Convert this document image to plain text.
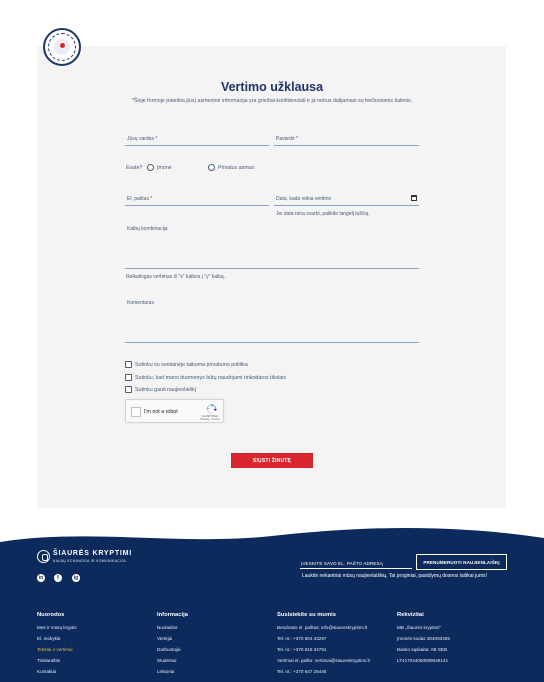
Vertimo užklausa
*Šioje formoje pateikta jūsų asmeninė informacija yra griežtai konfidenciali ir ja nebus dalijamasi su trečiosiomis šalimis.
Jūsų vardas *	Pavardė *
Esate?	Įmonė	Privatus asmuo
El. paštas *	Data, kada reikia vertimo
Jei data nėra svarbi, palikite langelį tuščią.
Kalbų kombinacija
Reikalingas vertimas iš "x" kalbos į "y" kalbą.
Komentaras
Sutinku su svetainėje taikoma privatumo politika
Sutinku, kad mano duomenys būtų naudojami rinkodaros tikslais
Sutinku gauti naujienlaiškį
I'm not a robot
reCAPTCHA
Privacy - Terms
SIŲSTI ŽINUTĘ
ŠIAURĖS KRYPTIMI
KALBŲ ECHANOGA IR KOMUNIKACIJA
in	f	ig
ĮVESKITE SAVO EL. PAŠTO ADRESĄ	PRENUMERUOTI NAUJIENLAIŠKĮ
Laukite nekantriai mūsų naujienlaiškių. Tai proginiai, pasiūlymų dosnos laiškai jums!
Nuorodos
Mes ir mūsų kryptis
El. mokykla
Tekstai ir vertimai
Tinklaraštis
Kontaktai
Informacija
Nuolaidos
Vertėjai
Darbuotojai
Studentui
Lektoriai
Susisiekite su mumis
Bendrasis el. paštas: info@siaureskryptimi.lt
Tel. nr.: +370 604 43297
Tel. nr.: +370 615 34791
Vertimai el. paštu: vertimai@siaureskryptimi.lt
Tel. nr.: +370 647 25445
Rekvizitai
MB „Šiaurės kryptimi“
Įmonės kodas 304093465
Banko sąskaita: AB SEB
LT417044060008049141
